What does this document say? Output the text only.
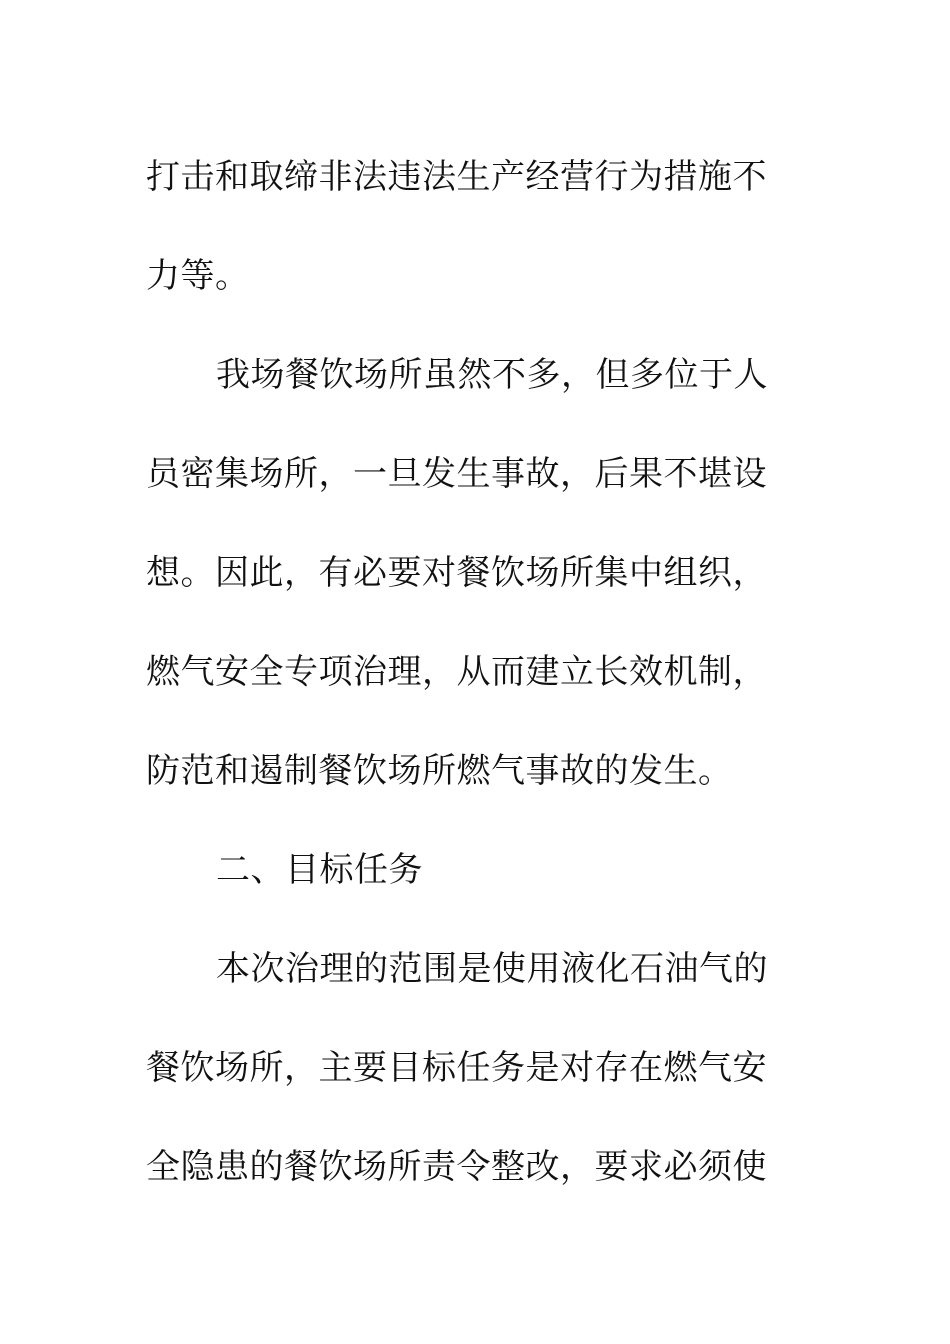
打击和取缔非法违法生产经营行为措施不
力等。
我场餐饮场所虽然不多，但多位于人
员密集场所，一旦发生事故，后果不堪设
想。因此，有必要对餐饮场所集中组织，
燃气安全专项治理，从而建立长效机制，
防范和遏制餐饮场所燃气事故的发生。
二、目标任务
本次治理的范围是使用液化石油气的
餐饮场所，主要目标任务是对存在燃气安
全隐患的餐饮场所责令整改，要求必须使
